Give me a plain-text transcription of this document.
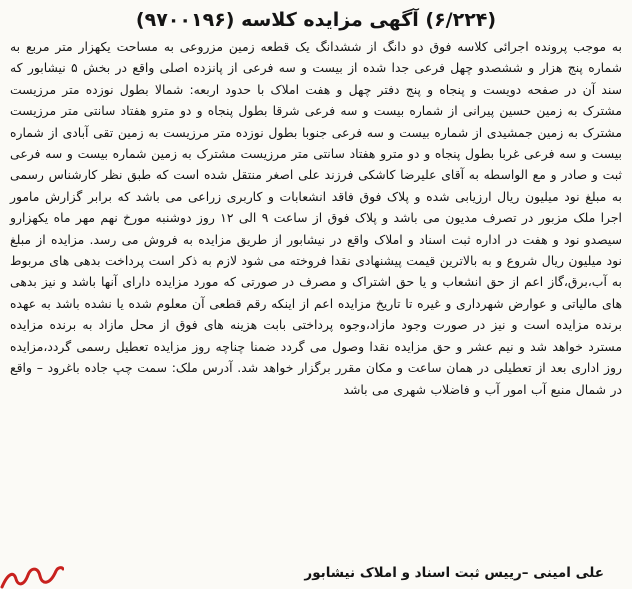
(۶/۲۲۴) آگهی مزایده کلاسه (۹۷۰۰۱۹۶)

به موجب پرونده اجرائی کلاسه فوق دو دانگ از ششدانگ یک قطعه زمین مزروعی به مساحت یکهزار متر مربع به شماره پنج هزار و ششصدو چهل فرعی جدا شده از بیست و سه فرعی از پانزده اصلی واقع در بخش ۵ نیشابور که سند آن در صفحه دویست و پنجاه و پنج دفتر چهل و هفت املاک با حدود اربعه: شمالا بطول نوزده متر مرزیست مشترک به زمین حسین پیرانی از شماره بیست و سه فرعی شرقا بطول پنجاه و دو مترو هفتاد سانتی متر مرزیست مشترک به زمین جمشیدی از شماره بیست و سه فرعی جنوبا بطول نوزده متر مرزیست به زمین تقی آبادی از شماره بیست و سه فرعی غربا بطول پنجاه و دو مترو هفتاد سانتی متر مرزیست مشترک به زمین شماره بیست و سه فرعی ثبت و صادر و مع الواسطه به آقای علیرضا کاشکی فرزند علی اصغر منتقل شده است که طبق نظر کارشناس رسمی به مبلغ نود میلیون ریال ارزیابی شده و پلاک فوق فاقد انشعابات و کاربری زراعی می باشد که برابر گزارش مامور اجرا ملک مزبور در تصرف مدیون می باشد و پلاک فوق از ساعت ۹ الی ۱۲ روز دوشنبه مورخ نهم مهر ماه یکهزارو سیصدو نود و هفت در اداره ثبت اسناد و املاک واقع در نیشابور از طریق مزایده به فروش می رسد. مزایده از مبلغ نود میلیون ریال شروع و به بالاترین قیمت پیشنهادی نقدا فروخته می شود لازم به ذکر است پرداخت بدهی های مربوط به آب،برق،گاز اعم از حق انشعاب و یا حق اشتراک و مصرف در صورتی که مورد مزایده دارای آنها باشد و نیز بدهی های مالیاتی و عوارض شهرداری و غیره تا تاریخ مزایده اعم از اینکه رقم قطعی آن معلوم شده یا نشده باشد به عهده برنده مزایده است و نیز در صورت وجود مازاد،وجوه پرداختی بابت هزینه های فوق از محل مازاد به برنده مزایده مسترد خواهد شد و نیم عشر و حق مزایده نقدا وصول می گردد ضمنا چناچه روز مزایده تعطیل رسمی گردد،مزایده روز اداری بعد از تعطیلی در همان ساعت و مکان مقرر برگزار خواهد شد. آدرس ملک: سمت چپ جاده باغرود – واقع در شمال منبع آب امور آب و فاضلاب شهری می باشد

علی امینی –رییس ثبت اسناد و املاک نیشابور
